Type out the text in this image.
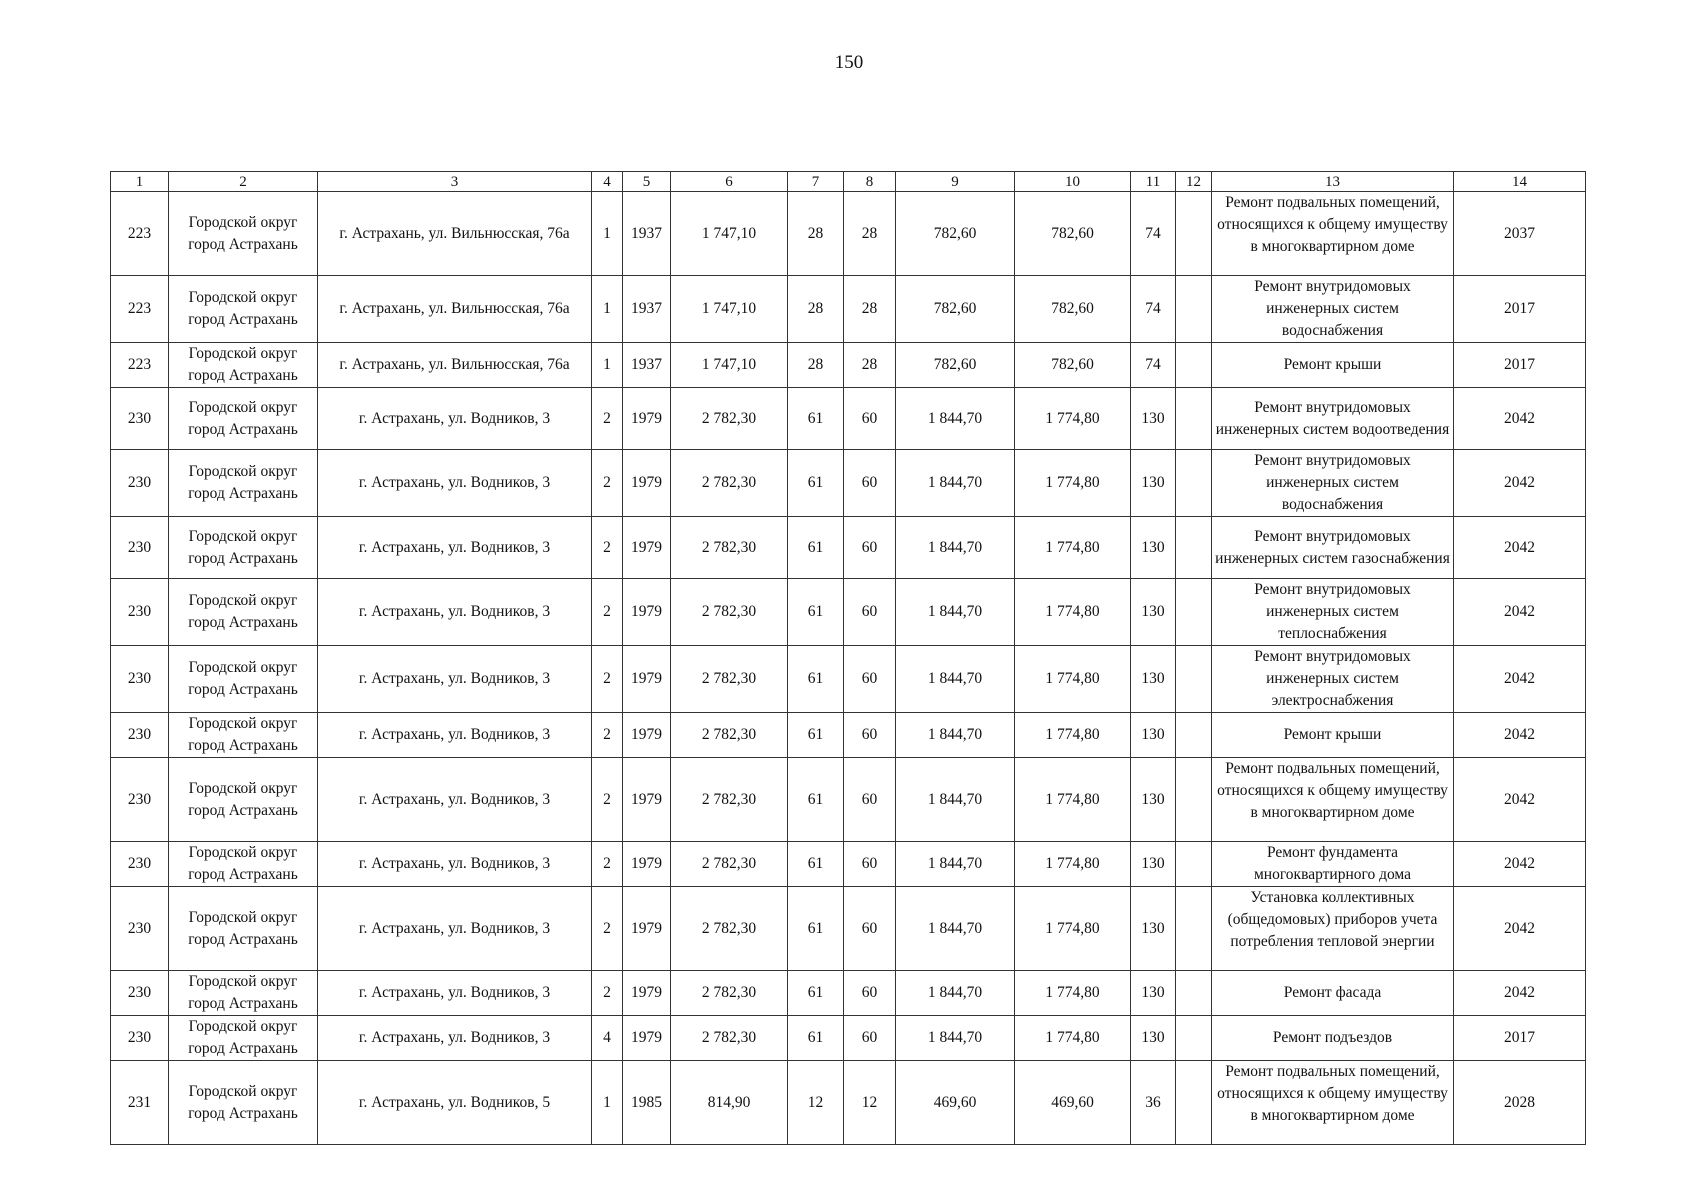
150
1	2	3	4	5	6	7	8	9	10	11	12	13	14
223	Городской округ город Астрахань	г. Астрахань, ул. Вильнюсская, 76а	1	1937	1 747,10	28	28	782,60	782,60	74		Ремонт подвальных помещений, относящихся к общему имуществу в многоквартирном доме	2037
223	Городской округ город Астрахань	г. Астрахань, ул. Вильнюсская, 76а	1	1937	1 747,10	28	28	782,60	782,60	74		Ремонт внутридомовых инженерных систем водоснабжения	2017
223	Городской округ город Астрахань	г. Астрахань, ул. Вильнюсская, 76а	1	1937	1 747,10	28	28	782,60	782,60	74		Ремонт крыши	2017
230	Городской округ город Астрахань	г. Астрахань, ул. Водников, 3	2	1979	2 782,30	61	60	1 844,70	1 774,80	130		Ремонт внутридомовых инженерных систем водоотведения	2042
230	Городской округ город Астрахань	г. Астрахань, ул. Водников, 3	2	1979	2 782,30	61	60	1 844,70	1 774,80	130		Ремонт внутридомовых инженерных систем водоснабжения	2042
230	Городской округ город Астрахань	г. Астрахань, ул. Водников, 3	2	1979	2 782,30	61	60	1 844,70	1 774,80	130		Ремонт внутридомовых инженерных систем газоснабжения	2042
230	Городской округ город Астрахань	г. Астрахань, ул. Водников, 3	2	1979	2 782,30	61	60	1 844,70	1 774,80	130		Ремонт внутридомовых инженерных систем теплоснабжения	2042
230	Городской округ город Астрахань	г. Астрахань, ул. Водников, 3	2	1979	2 782,30	61	60	1 844,70	1 774,80	130		Ремонт внутридомовых инженерных систем электроснабжения	2042
230	Городской округ город Астрахань	г. Астрахань, ул. Водников, 3	2	1979	2 782,30	61	60	1 844,70	1 774,80	130		Ремонт крыши	2042
230	Городской округ город Астрахань	г. Астрахань, ул. Водников, 3	2	1979	2 782,30	61	60	1 844,70	1 774,80	130		Ремонт подвальных помещений, относящихся к общему имуществу в многоквартирном доме	2042
230	Городской округ город Астрахань	г. Астрахань, ул. Водников, 3	2	1979	2 782,30	61	60	1 844,70	1 774,80	130		Ремонт фундамента многоквартирного дома	2042
230	Городской округ город Астрахань	г. Астрахань, ул. Водников, 3	2	1979	2 782,30	61	60	1 844,70	1 774,80	130		Установка коллективных (общедомовых) приборов учета потребления тепловой энергии	2042
230	Городской округ город Астрахань	г. Астрахань, ул. Водников, 3	2	1979	2 782,30	61	60	1 844,70	1 774,80	130		Ремонт фасада	2042
230	Городской округ город Астрахань	г. Астрахань, ул. Водников, 3	4	1979	2 782,30	61	60	1 844,70	1 774,80	130		Ремонт подъездов	2017
231	Городской округ город Астрахань	г. Астрахань, ул. Водников, 5	1	1985	814,90	12	12	469,60	469,60	36		Ремонт подвальных помещений, относящихся к общему имуществу в многоквартирном доме	2028
